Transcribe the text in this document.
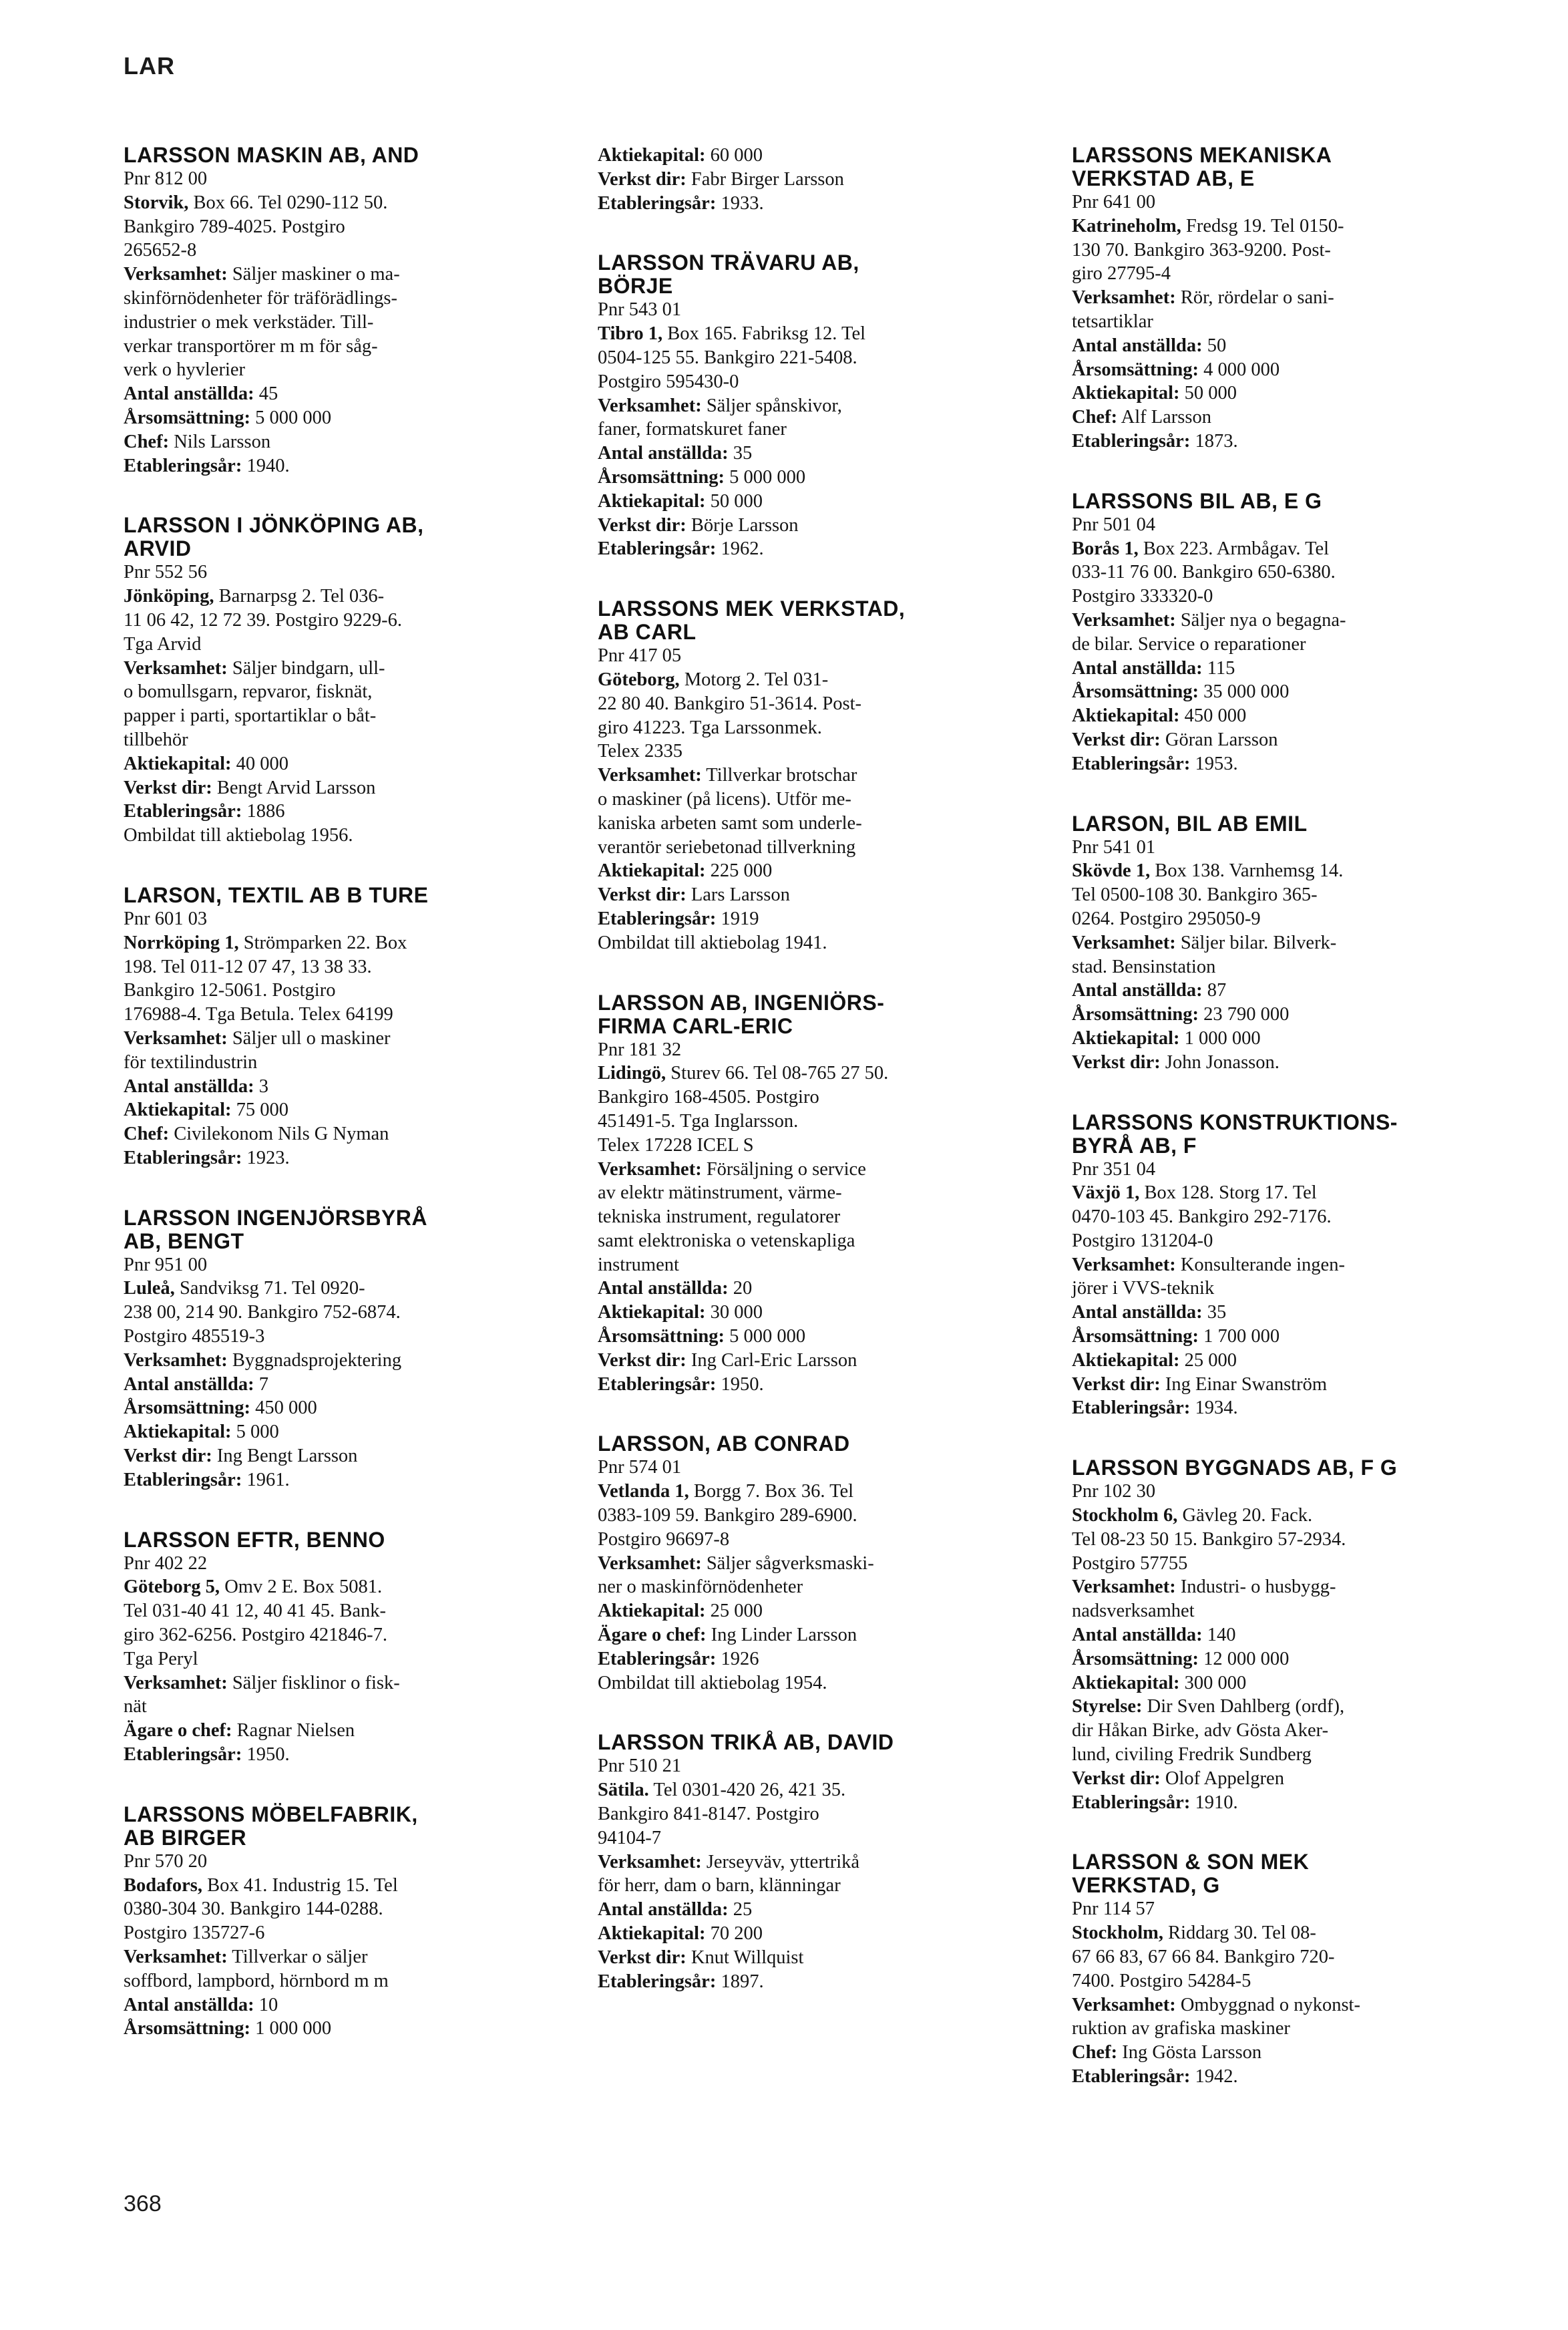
LAR
LARSSON MASKIN AB, AND
Pnr 812 00
Storvik, Box 66. Tel 0290-112 50.
Bankgiro 789-4025. Postgiro
265652-8
Verksamhet: Säljer maskiner o ma-
skinförnödenheter för träförädlings-
industrier o mek verkstäder. Till-
verkar transportörer m m för såg-
verk o hyvlerier
Antal anställda: 45
Årsomsättning: 5 000 000
Chef: Nils Larsson
Etableringsår: 1940.
LARSSON I JÖNKÖPING AB,
ARVID
Pnr 552 56
Jönköping, Barnarpsg 2. Tel 036-
11 06 42, 12 72 39. Postgiro 9229-6.
Tga Arvid
Verksamhet: Säljer bindgarn, ull-
o bomullsgarn, repvaror, fisknät,
papper i parti, sportartiklar o båt-
tillbehör
Aktiekapital: 40 000
Verkst dir: Bengt Arvid Larsson
Etableringsår: 1886
Ombildat till aktiebolag 1956.
LARSON, TEXTIL AB B TURE
Pnr 601 03
Norrköping 1, Strömparken 22. Box
198. Tel 011-12 07 47, 13 38 33.
Bankgiro 12-5061. Postgiro
176988-4. Tga Betula. Telex 64199
Verksamhet: Säljer ull o maskiner
för textilindustrin
Antal anställda: 3
Aktiekapital: 75 000
Chef: Civilekonom Nils G Nyman
Etableringsår: 1923.
LARSSON INGENJÖRSBYRÅ
AB, BENGT
Pnr 951 00
Luleå, Sandviksg 71. Tel 0920-
238 00, 214 90. Bankgiro 752-6874.
Postgiro 485519-3
Verksamhet: Byggnadsprojektering
Antal anställda: 7
Årsomsättning: 450 000
Aktiekapital: 5 000
Verkst dir: Ing Bengt Larsson
Etableringsår: 1961.
LARSSON EFTR, BENNO
Pnr 402 22
Göteborg 5, Omv 2 E. Box 5081.
Tel 031-40 41 12, 40 41 45. Bank-
giro 362-6256. Postgiro 421846-7.
Tga Peryl
Verksamhet: Säljer fisklinor o fisk-
nät
Ägare o chef: Ragnar Nielsen
Etableringsår: 1950.
LARSSONS MÖBELFABRIK,
AB BIRGER
Pnr 570 20
Bodafors, Box 41. Industrig 15. Tel
0380-304 30. Bankgiro 144-0288.
Postgiro 135727-6
Verksamhet: Tillverkar o säljer
soffbord, lampbord, hörnbord m m
Antal anställda: 10
Årsomsättning: 1 000 000
Aktiekapital: 60 000
Verkst dir: Fabr Birger Larsson
Etableringsår: 1933.
LARSSON TRÄVARU AB,
BÖRJE
Pnr 543 01
Tibro 1, Box 165. Fabriksg 12. Tel
0504-125 55. Bankgiro 221-5408.
Postgiro 595430-0
Verksamhet: Säljer spånskivor,
faner, formatskuret faner
Antal anställda: 35
Årsomsättning: 5 000 000
Aktiekapital: 50 000
Verkst dir: Börje Larsson
Etableringsår: 1962.
LARSSONS MEK VERKSTAD,
AB CARL
Pnr 417 05
Göteborg, Motorg 2. Tel 031-
22 80 40. Bankgiro 51-3614. Post-
giro 41223. Tga Larssonmek.
Telex 2335
Verksamhet: Tillverkar brotschar
o maskiner (på licens). Utför me-
kaniska arbeten samt som underle-
verantör seriebetonad tillverkning
Aktiekapital: 225 000
Verkst dir: Lars Larsson
Etableringsår: 1919
Ombildat till aktiebolag 1941.
LARSSON AB, INGENIÖRS-
FIRMA CARL-ERIC
Pnr 181 32
Lidingö, Sturev 66. Tel 08-765 27 50.
Bankgiro 168-4505. Postgiro
451491-5. Tga Inglarsson.
Telex 17228 ICEL S
Verksamhet: Försäljning o service
av elektr mätinstrument, värme-
tekniska instrument, regulatorer
samt elektroniska o vetenskapliga
instrument
Antal anställda: 20
Aktiekapital: 30 000
Årsomsättning: 5 000 000
Verkst dir: Ing Carl-Eric Larsson
Etableringsår: 1950.
LARSSON, AB CONRAD
Pnr 574 01
Vetlanda 1, Borgg 7. Box 36. Tel
0383-109 59. Bankgiro 289-6900.
Postgiro 96697-8
Verksamhet: Säljer sågverksmaski-
ner o maskinförnödenheter
Aktiekapital: 25 000
Ägare o chef: Ing Linder Larsson
Etableringsår: 1926
Ombildat till aktiebolag 1954.
LARSSON TRIKÅ AB, DAVID
Pnr 510 21
Sätila. Tel 0301-420 26, 421 35.
Bankgiro 841-8147. Postgiro
94104-7
Verksamhet: Jerseyväv, yttertrikå
för herr, dam o barn, klänningar
Antal anställda: 25
Aktiekapital: 70 200
Verkst dir: Knut Willquist
Etableringsår: 1897.
LARSSONS MEKANISKA
VERKSTAD AB, E
Pnr 641 00
Katrineholm, Fredsg 19. Tel 0150-
130 70. Bankgiro 363-9200. Post-
giro 27795-4
Verksamhet: Rör, rördelar o sani-
tetsartiklar
Antal anställda: 50
Årsomsättning: 4 000 000
Aktiekapital: 50 000
Chef: Alf Larsson
Etableringsår: 1873.
LARSSONS BIL AB, E G
Pnr 501 04
Borås 1, Box 223. Armbågav. Tel
033-11 76 00. Bankgiro 650-6380.
Postgiro 333320-0
Verksamhet: Säljer nya o begagna-
de bilar. Service o reparationer
Antal anställda: 115
Årsomsättning: 35 000 000
Aktiekapital: 450 000
Verkst dir: Göran Larsson
Etableringsår: 1953.
LARSON, BIL AB EMIL
Pnr 541 01
Skövde 1, Box 138. Varnhemsg 14.
Tel 0500-108 30. Bankgiro 365-
0264. Postgiro 295050-9
Verksamhet: Säljer bilar. Bilverk-
stad. Bensinstation
Antal anställda: 87
Årsomsättning: 23 790 000
Aktiekapital: 1 000 000
Verkst dir: John Jonasson.
LARSSONS KONSTRUKTIONS-
BYRÅ AB, F
Pnr 351 04
Växjö 1, Box 128. Storg 17. Tel
0470-103 45. Bankgiro 292-7176.
Postgiro 131204-0
Verksamhet: Konsulterande ingen-
jörer i VVS-teknik
Antal anställda: 35
Årsomsättning: 1 700 000
Aktiekapital: 25 000
Verkst dir: Ing Einar Swanström
Etableringsår: 1934.
LARSSON BYGGNADS AB, F G
Pnr 102 30
Stockholm 6, Gävleg 20. Fack.
Tel 08-23 50 15. Bankgiro 57-2934.
Postgiro 57755
Verksamhet: Industri- o husbygg-
nadsverksamhet
Antal anställda: 140
Årsomsättning: 12 000 000
Aktiekapital: 300 000
Styrelse: Dir Sven Dahlberg (ordf),
dir Håkan Birke, adv Gösta Aker-
lund, civiling Fredrik Sundberg
Verkst dir: Olof Appelgren
Etableringsår: 1910.
LARSSON & SON MEK
VERKSTAD, G
Pnr 114 57
Stockholm, Riddarg 30. Tel 08-
67 66 83, 67 66 84. Bankgiro 720-
7400. Postgiro 54284-5
Verksamhet: Ombyggnad o nykonst-
ruktion av grafiska maskiner
Chef: Ing Gösta Larsson
Etableringsår: 1942.
368
